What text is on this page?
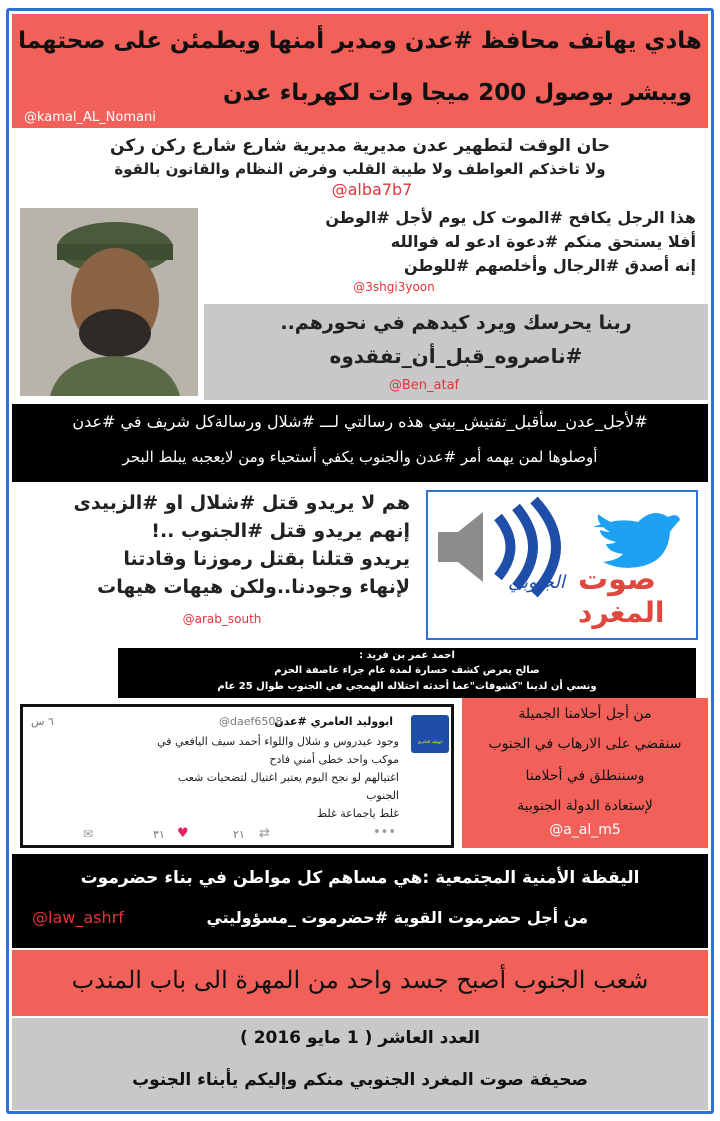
هادي يهاتف محافظ #عدن ومدير أمنها ويطمئن على صحتهما
ويبشر بوصول 200 ميجا وات لكهرباء عدن
@kamal_AL_Nomani
حان الوقت لتطهير عدن مديرية مديرية شارع شارع ركن ركن
ولا تاخذكم العواطف ولا طيبة القلب وفرض النظام والقانون بالقوة
@alba7b7
هذا الرجل يكافح #الموت كل يوم لأجل #الوطن
أفلا يستحق منكم #دعوة ادعو له فوالله
إنه أصدق #الرجال وأخلصهم #للوطن
@3shgi3yoon
ربنا يحرسك ويرد كيدهم في نحورهم..
#ناصروه_قبل_أن_تفقدوه
@Ben_ataf
#لأجل_عدن_سأقبل_تفتيش_بيتي هذه رسالتي لـــ #شلال ورسالةكل شريف في #عدن
أوصلوها لمن يهمه أمر #عدن والجنوب يكفي أستحياء ومن لايعجبه يبلط البحر
هم لا يريدو قتل #شلال او #الزبيدى
إنهم يريدو قتل #الجنوب ..!
يريدو قتلنا بقتل رموزنا وقادتنا
لإنهاء وجودنا..ولكن هيهات هيهات
@arab_south
صوت
المغرد
الجنوبي
احمد عمر بن فريد :
صالح يعرض كشف خسارة لمدة عام جراء عاصفة الحزم
ونسي أن لدينا "كشوفات"عما أحدثه احتلاله الهمجي في الجنوب طوال 25 عام
ابووليد العامري
ابووليد العامري #عدن
@daef6508
٦ س
وجود عيدروس و شلال واللواء أحمد سيف اليافعي في
موكب واحد خطى أمني فادح
اغتيالهم لو نجح اليوم يعتبر اغتيال لتضحيات شعب
الجنوب
غلط ياجماعة غلط
✉	٣١ ♥	٢١ ⇄	•••
من أجل أحلامنا الجميلة
سنقضي على الارهاب في الجنوب
وسننطلق في أحلامنا
لإستعادة الدولة الجنوبية
@a_al_m5
اليقظة الأمنية المجتمعية :هي مساهم كل مواطن في بناء حضرموت
من أجل حضرموت القوية #حضرموت _مسؤوليتي
@law_ashrf
شعب الجنوب أصبح جسد واحد من المهرة الى باب المندب
العدد العاشر ( 1 مايو 2016 )
صحيفة صوت المغرد الجنوبي منكم وإليكم يأبناء الجنوب
